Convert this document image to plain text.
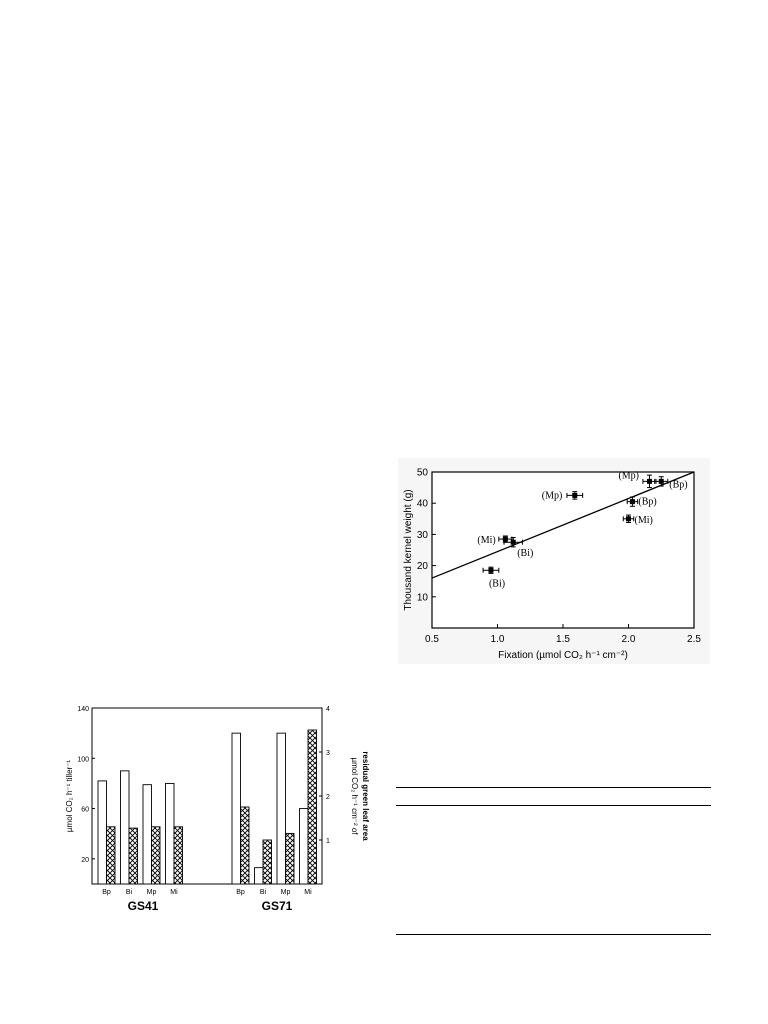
0.5	1.0	1.5	2.0	2.5
10
20
30
40
50
Fixation (µmol CO₂ h⁻¹ cm⁻²)
Thousand kernel weight (g)	(Bi)
(Mi)
(Bi)
(Mp)
(Mi)
(Bp)
(Mp)
(Bp)
20
60
100
140
1
2
3
4
µmol CO₂ h⁻¹ tiller⁻¹	µmol CO₂ h⁻¹ cm⁻² of residual green leaf area
Bp Bi Mp Mi
GS41
Bp Bi Mp Mi
GS71
